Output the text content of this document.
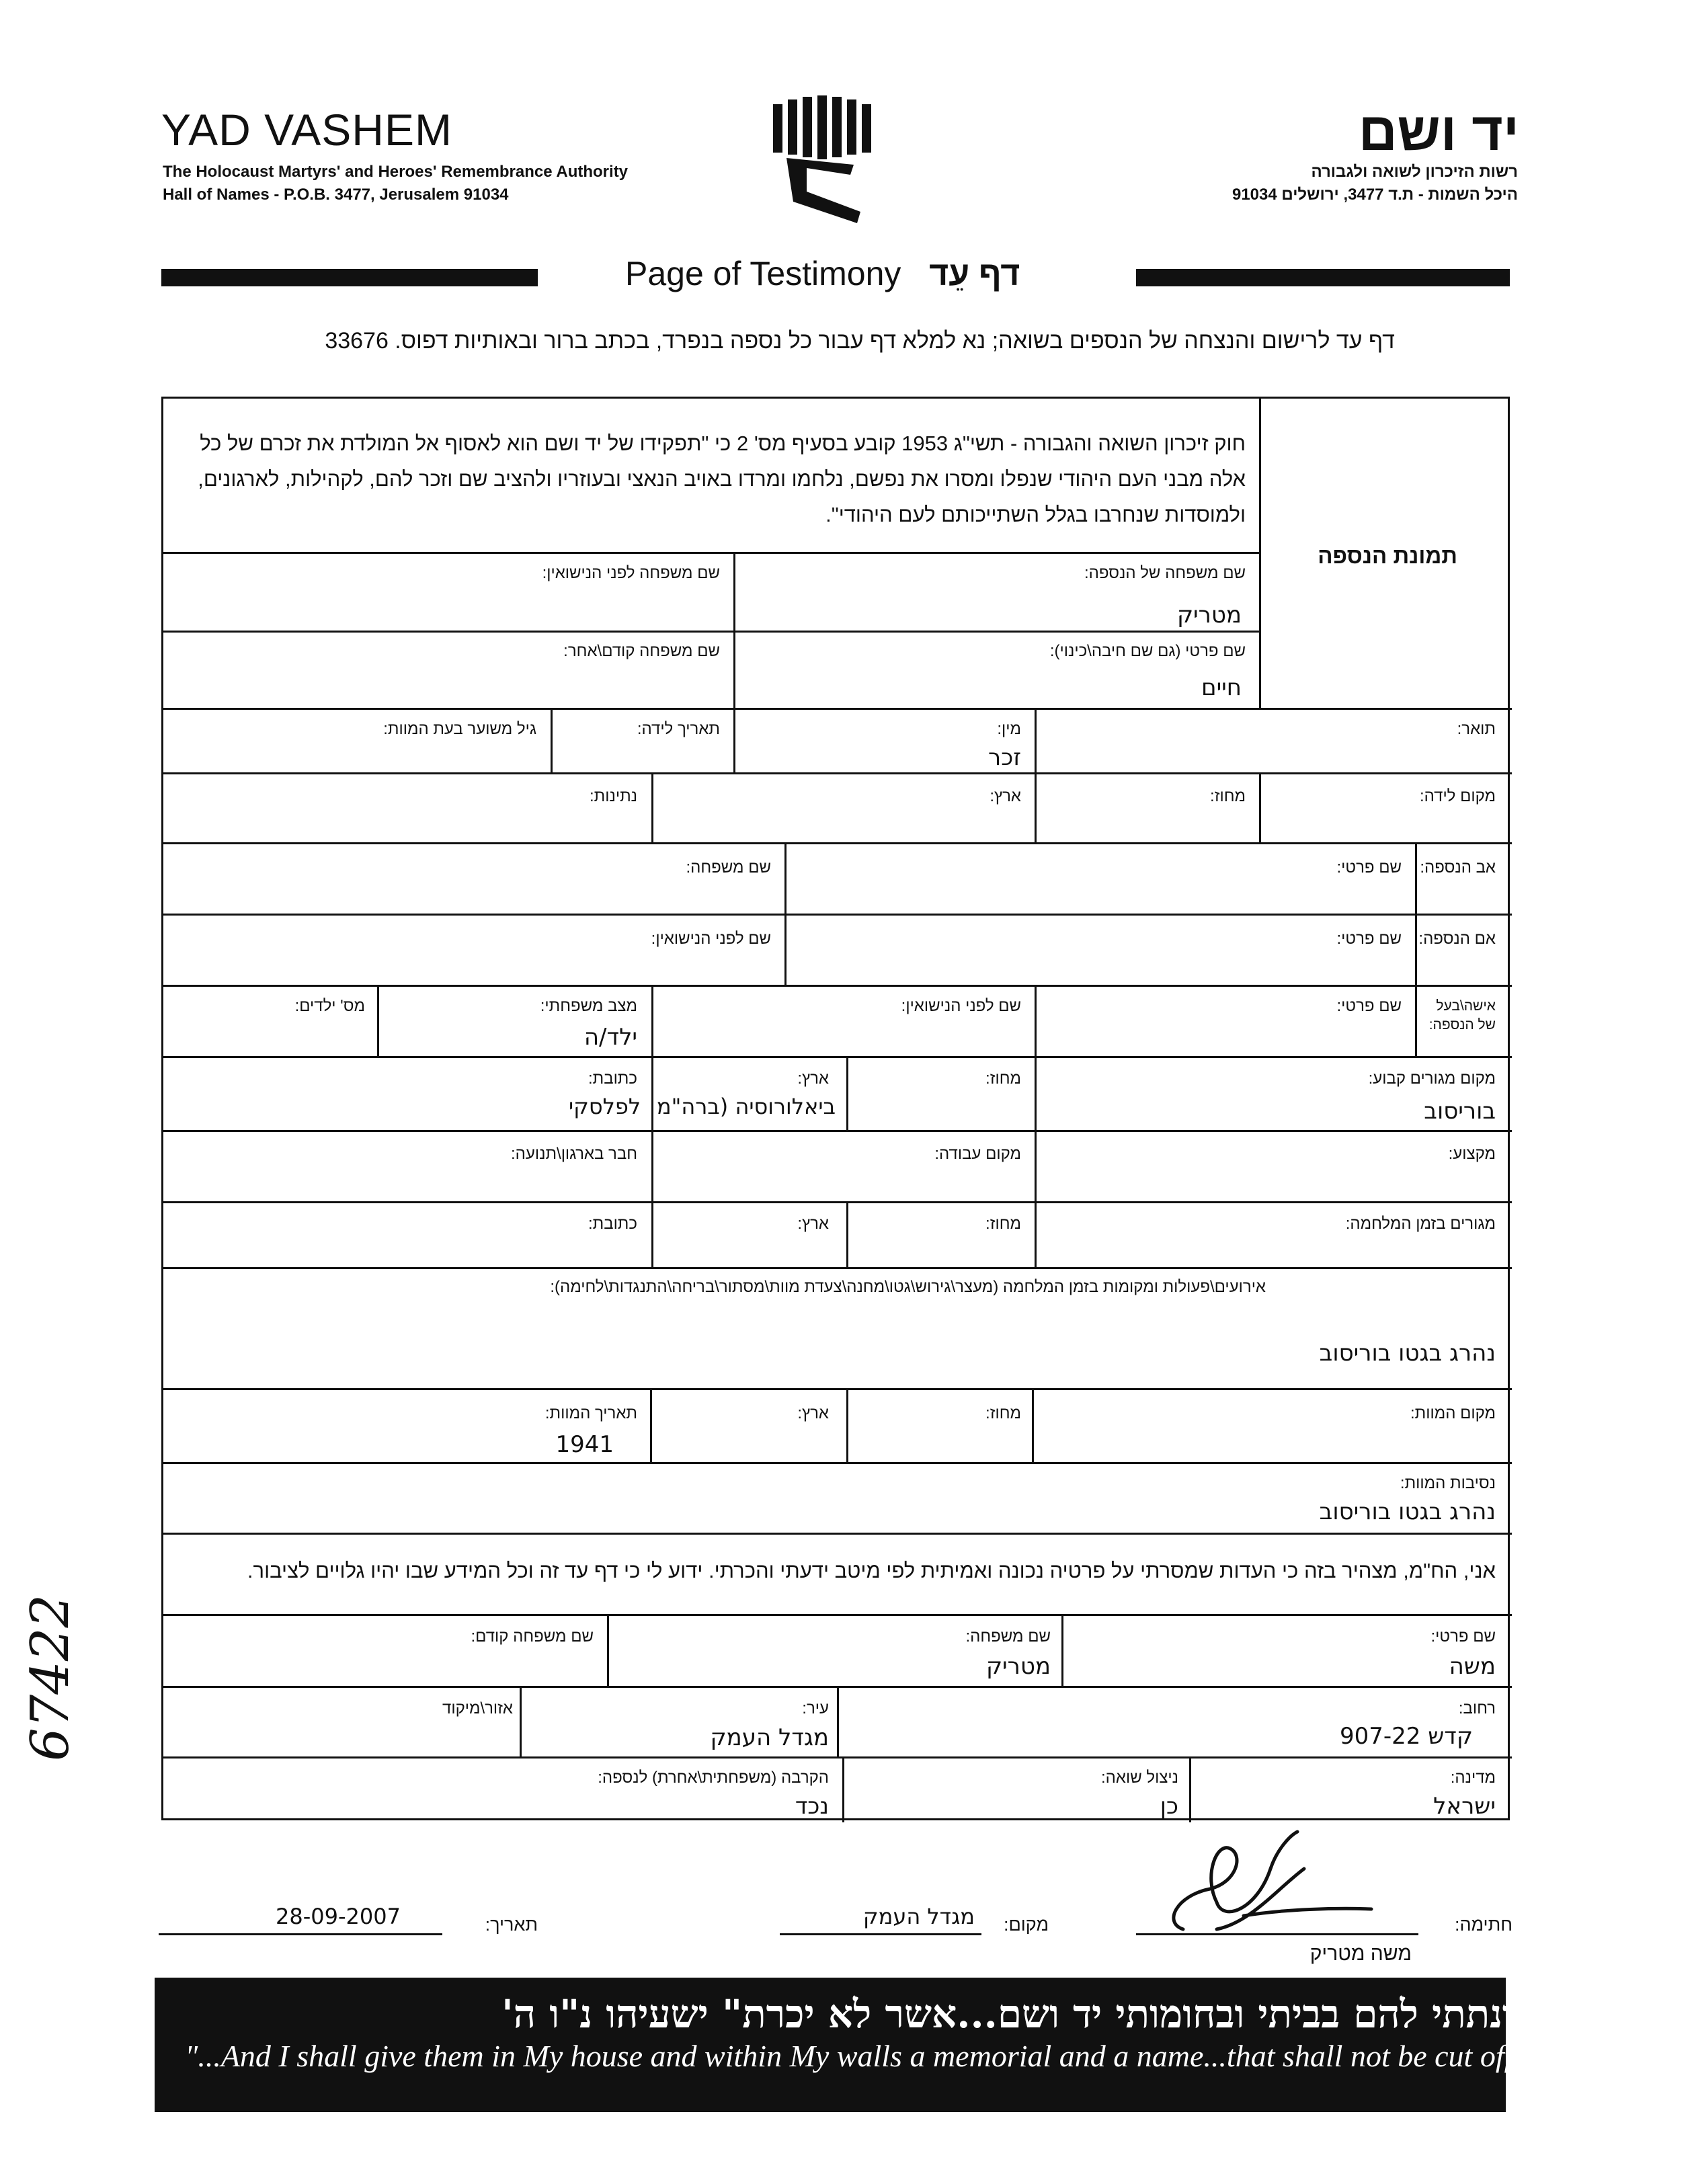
YAD VASHEM
The Holocaust Martyrs' and Heroes' Remembrance Authority
Hall of Names - P.O.B. 3477, Jerusalem 91034
יד ושם
רשות הזיכרון לשואה ולגבורה
היכל השמות - ת.ד 3477, ירושלים 91034
Page of Testimony דף עֵד
דף עד לרישום והנצחה של הנספים בשואה; נא למלא דף עבור כל נספה בנפרד, בכתב ברור ובאותיות דפוס. 33676
חוק זיכרון השואה והגבורה - תשי"ג 1953 קובע בסעיף מס' 2 כי "תפקידו של יד ושם הוא לאסוף אל המולדת את זכרם של כל אלה מבני העם היהודי שנפלו ומסרו את נפשם, נלחמו ומרדו באויב הנאצי ובעוזריו ולהציב שם וזכר להם, לקהילות, לארגונים, ולמוסדות שנחרבו בגלל השתייכותם לעם היהודי".
תמונת הנספה
שם משפחה של הנספה:
מטריק
שם משפחה לפני הנישואין:
שם פרטי (גם שם חיבה\כינוי):
חיים
שם משפחה קודם\אחר:
תואר:
מין:
זכר
תאריך לידה:
גיל משוער בעת המוות:
מקום לידה:
מחוז:
ארץ:
נתינות:
אב הנספה:
שם פרטי:
שם משפחה:
אם הנספה:
שם פרטי:
שם לפני הנישואין:
אישה\בעל של הנספה:
שם פרטי:
שם לפני הנישואין:
מצב משפחתי:
ילד/ה
מס' ילדים:
מקום מגורים קבוע:
בוריסוב
מחוז:
ארץ:
ביאלורוסיה (ברה"מ
כתובת:
לפלסקי
מקצוע:
מקום עבודה:
חבר בארגון\תנועה:
מגורים בזמן המלחמה:
מחוז:
ארץ:
כתובת:
אירועים\פעולות ומקומות בזמן המלחמה (מעצר\גירוש\גטו\מחנה\צעדת מוות\מסתור\בריחה\התנגדות\לחימה):
נהרג בגטו בוריסוב
מקום המוות:
מחוז:
ארץ:
תאריך המוות:
1941
נסיבות המוות:
נהרג בגטו בוריסוב
אני, הח"מ, מצהיר בזה כי העדות שמסרתי על פרטיה נכונה ואמיתית לפי מיטב ידעתי והכרתי. ידוע לי כי דף עד זה וכל המידע שבו יהיו גלויים לציבור.
שם פרטי:
משה
שם משפחה:
מטריק
שם משפחה קודם:
רחוב:
קדש 907-22
עיר:
מגדל העמק
אזור\מיקוד
מדינה:
ישראל
ניצול שואה:
כן
הקרבה (משפחתית\אחרת) לנספה:
נכד
חתימה:
משה מטריק
מקום:
מגדל העמק
תאריך:
28-09-2007
"ונתתי להם בביתי ובחומותי יד ושם...אשר לא יכרת" ישעיהו נ"ו ה'
"...And I shall give them in My house and within My walls a memorial and a name...that shall not be cut off" Isaiah 56:5
67422
